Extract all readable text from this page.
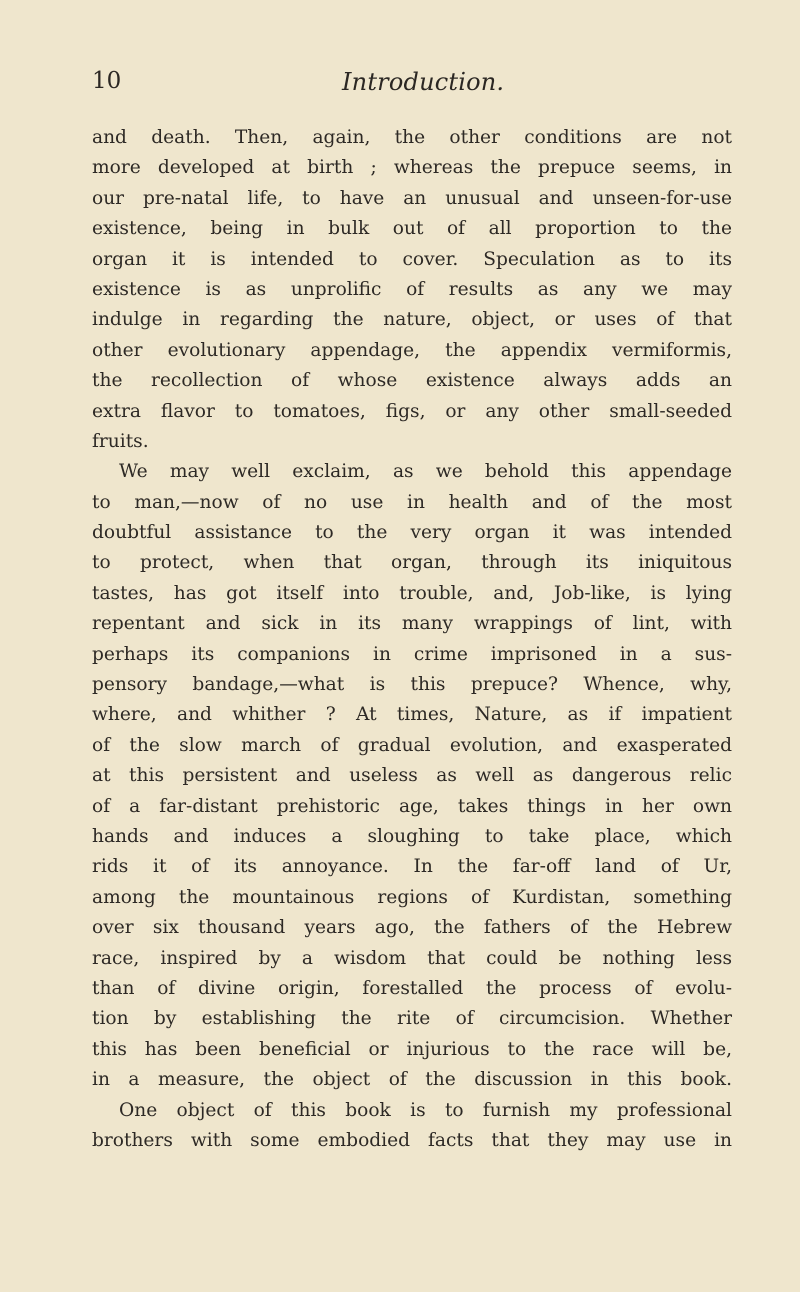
10	Introduction.
and death. Then, again, the other conditions are not
more developed at birth ; whereas the prepuce seems, in
our pre-natal life, to have an unusual and unseen-for-use
existence, being in bulk out of all proportion to the
organ it is intended to cover. Speculation as to its
existence is as unprolific of results as any we may
indulge in regarding the nature, object, or uses of that
other evolutionary appendage, the appendix vermiformis,
the recollection of whose existence always adds an
extra flavor to tomatoes, figs, or any other small-seeded
fruits.
We may well exclaim, as we behold this appendage
to man,—now of no use in health and of the most
doubtful assistance to the very organ it was intended
to protect, when that organ, through its iniquitous
tastes, has got itself into trouble, and, Job-like, is lying
repentant and sick in its many wrappings of lint, with
perhaps its companions in crime imprisoned in a sus-
pensory bandage,—what is this prepuce? Whence, why,
where, and whither ? At times, Nature, as if impatient
of the slow march of gradual evolution, and exasperated
at this persistent and useless as well as dangerous relic
of a far-distant prehistoric age, takes things in her own
hands and induces a sloughing to take place, which
rids it of its annoyance. In the far-off land of Ur,
among the mountainous regions of Kurdistan, something
over six thousand years ago, the fathers of the Hebrew
race, inspired by a wisdom that could be nothing less
than of divine origin, forestalled the process of evolu-
tion by establishing the rite of circumcision. Whether
this has been beneficial or injurious to the race will be,
in a measure, the object of the discussion in this book.
One object of this book is to furnish my professional
brothers with some embodied facts that they may use in
